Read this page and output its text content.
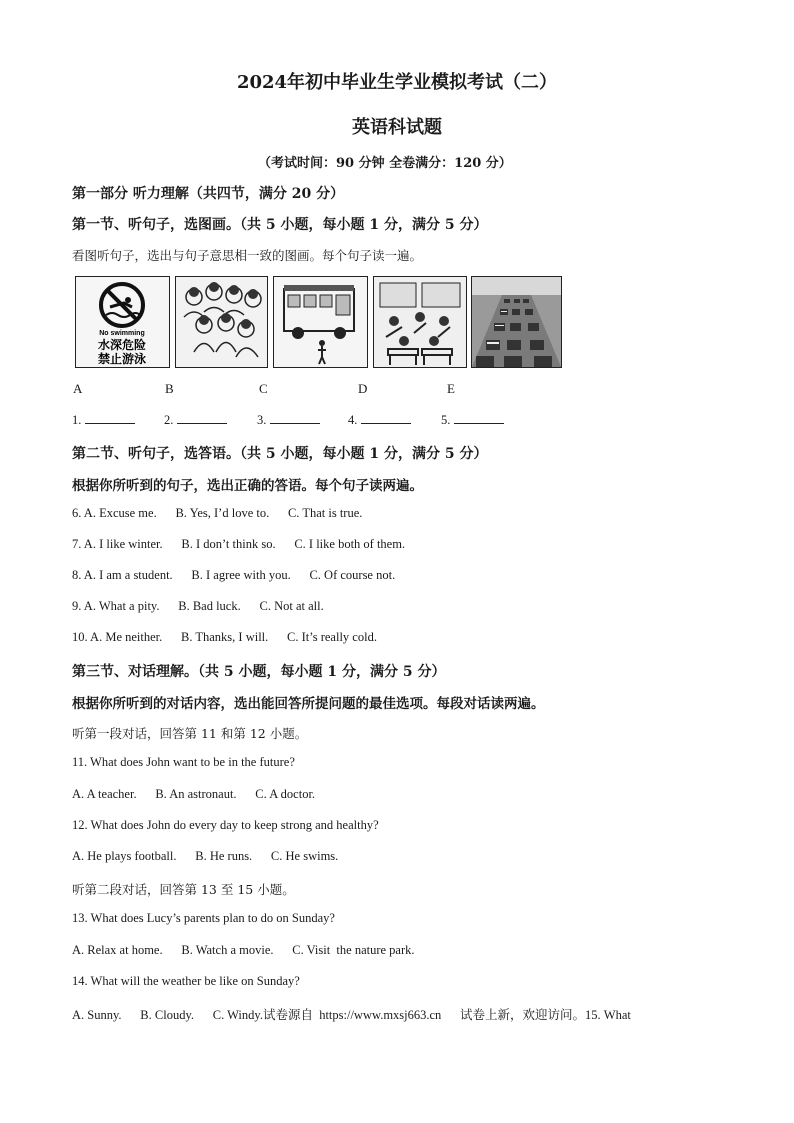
2024年初中毕业生学业模拟考试（二）
英语科试题
（考试时间：90 分钟 全卷满分：120 分）
第一部分 听力理解（共四节，满分 20 分）
第一节、听句子，选图画。（共 5 小题，每小题 1 分，满分 5 分）
看图听句子，选出与句子意思相一致的图画。每个句子读一遍。
No swimming
水深危险
禁止游泳
A	B	C	D	E
1.	2.	3.	4.	5.
第二节、听句子，选答语。（共 5 小题，每小题 1 分，满分 5 分）
根据你所听到的句子，选出正确的答语。每个句子读两遍。
6. A. Excuse me.      B. Yes, I’d love to.      C. That is true.
7. A. I like winter.      B. I don’t think so.      C. I like both of them.
8. A. I am a student.      B. I agree with you.      C. Of course not.
9. A. What a pity.      B. Bad luck.      C. Not at all.
10. A. Me neither.      B. Thanks, I will.      C. It’s really cold.
第三节、对话理解。（共 5 小题，每小题 1 分，满分 5 分）
根据你所听到的对话内容，选出能回答所提问题的最佳选项。每段对话读两遍。
听第一段对话，回答第 11 和第 12 小题。
11. What does John want to be in the future?
A. A teacher.      B. An astronaut.      C. A doctor.
12. What does John do every day to keep strong and healthy?
A. He plays football.      B. He runs.      C. He swims.
听第二段对话，回答第 13 至 15 小题。
13. What does Lucy’s parents plan to do on Sunday?
A. Relax at home.      B. Watch a movie.      C. Visit  the nature park.
14. What will the weather be like on Sunday?
A. Sunny.      B. Cloudy.      C. Windy.试卷源自  https://www.mxsj663.cn      试卷上新，欢迎访问。15. What
